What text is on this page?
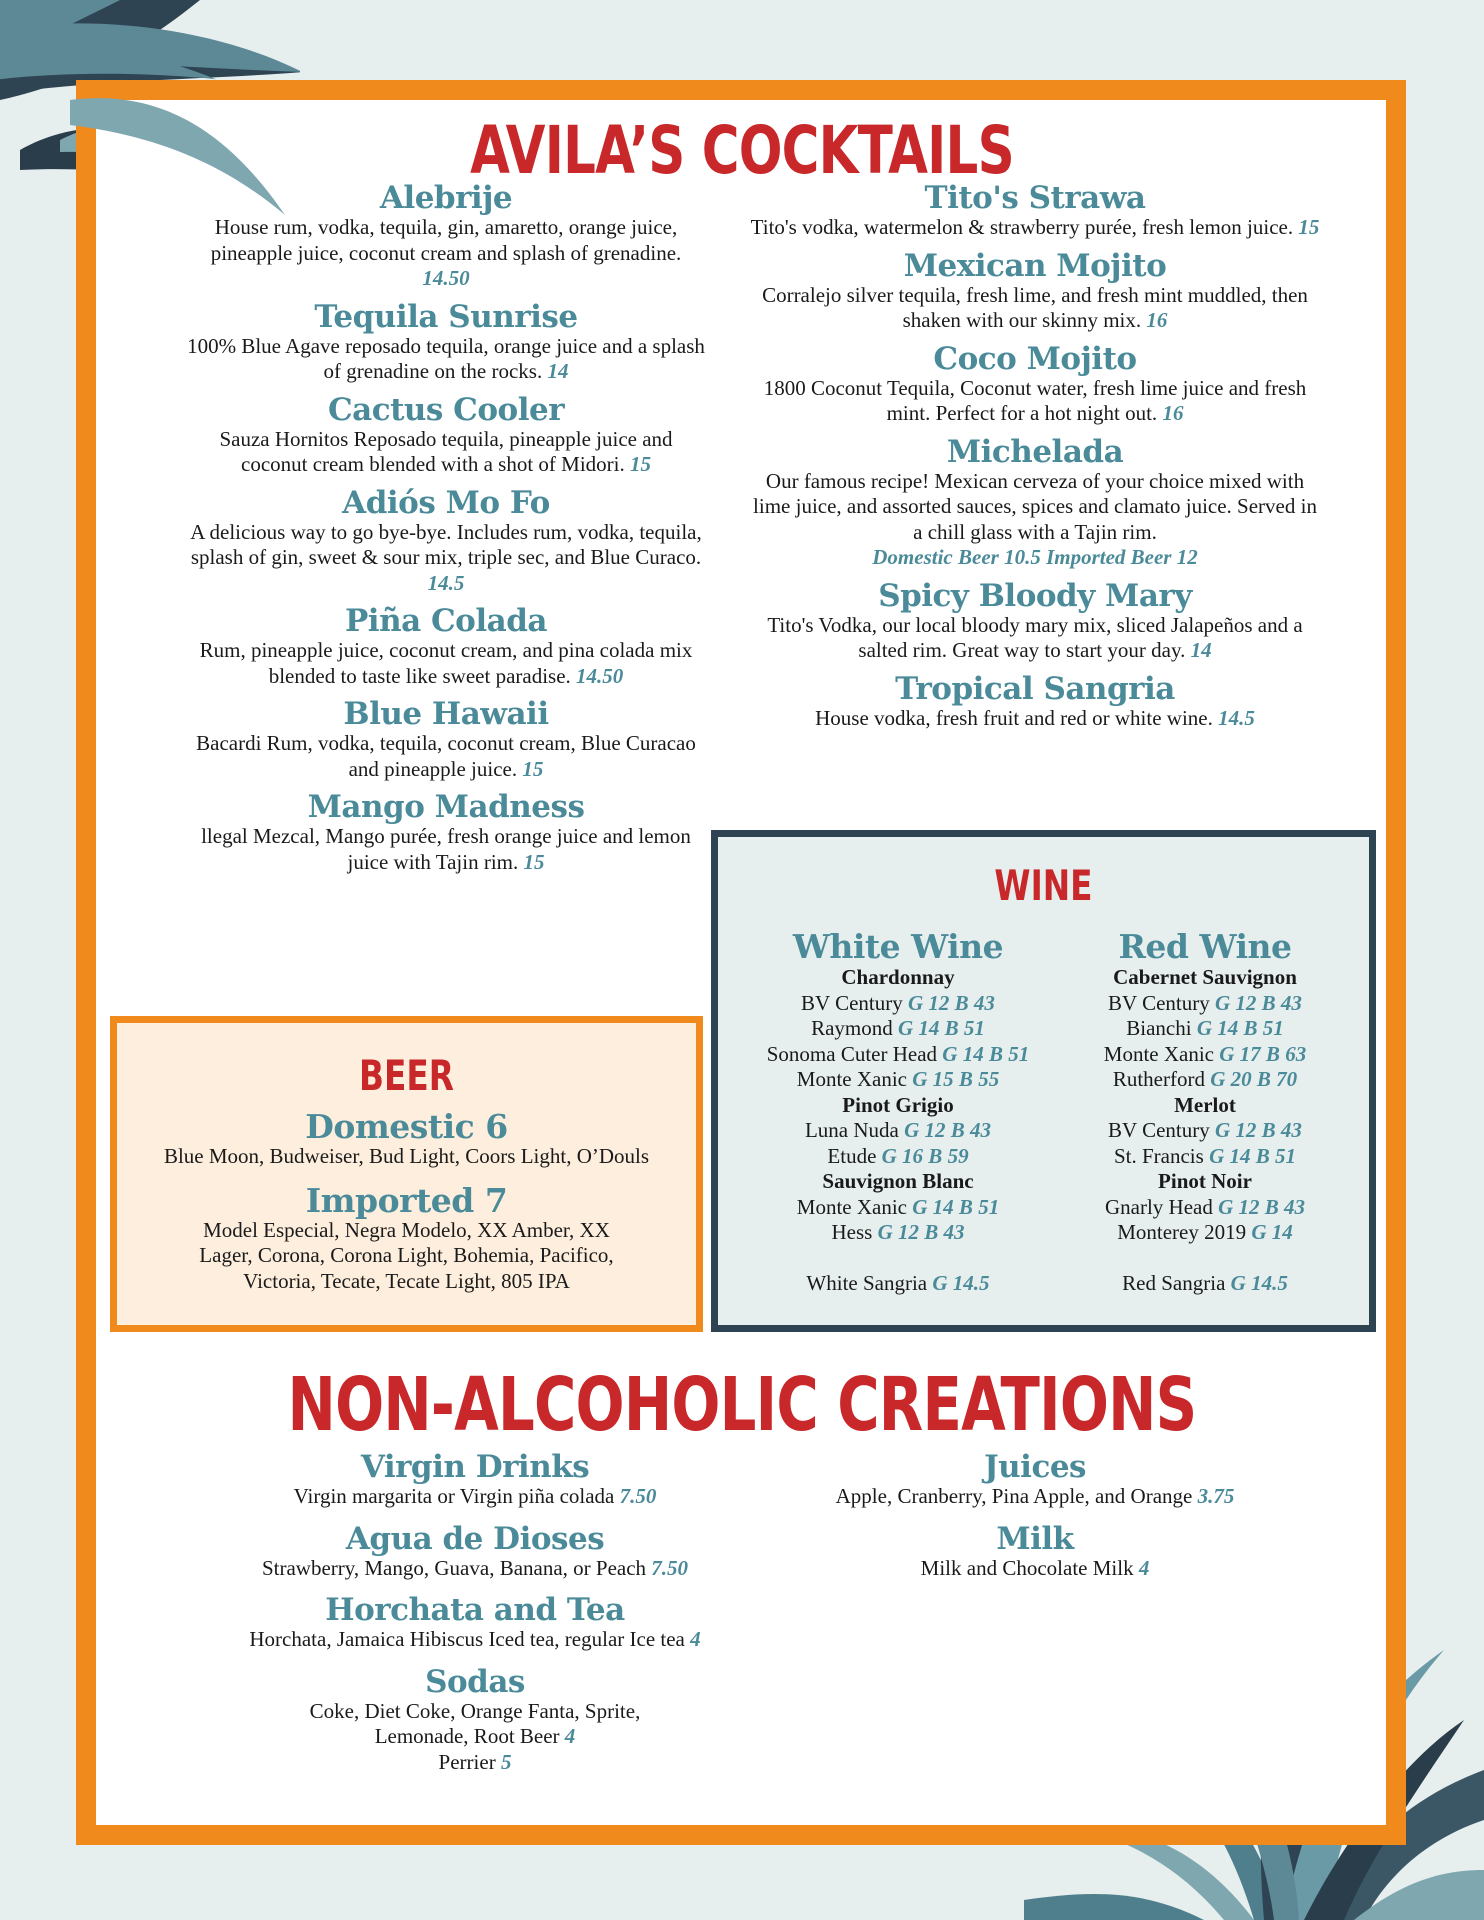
AVILA’S COCKTAILS
Alebrije
House rum, vodka, tequila, gin, amaretto, orange juice, pineapple juice, coconut cream and splash of grenadine. 14.50
Tequila Sunrise
100% Blue Agave reposado tequila, orange juice and a splash of grenadine on the rocks. 14
Cactus Cooler
Sauza Hornitos Reposado tequila, pineapple juice and coconut cream blended with a shot of Midori. 15
Adiós Mo Fo
A delicious way to go bye-bye. Includes rum, vodka, tequila, splash of gin, sweet & sour mix, triple sec, and Blue Curaco. 14.5
Piña Colada
Rum, pineapple juice, coconut cream, and pina colada mix blended to taste like sweet paradise. 14.50
Blue Hawaii
Bacardi Rum, vodka, tequila, coconut cream, Blue Curacao and pineapple juice. 15
Mango Madness
llegal Mezcal, Mango purée, fresh orange juice and lemon juice with Tajin rim. 15
Tito's Strawa
Tito's vodka, watermelon & strawberry purée, fresh lemon juice. 15
Mexican Mojito
Corralejo silver tequila, fresh lime, and fresh mint muddled, then shaken with our skinny mix. 16
Coco Mojito
1800 Coconut Tequila, Coconut water, fresh lime juice and fresh mint. Perfect for a hot night out. 16
Michelada
Our famous recipe! Mexican cerveza of your choice mixed with lime juice, and assorted sauces, spices and clamato juice. Served in a chill glass with a Tajin rim.
Domestic Beer 10.5 Imported Beer 12
Spicy Bloody Mary
Tito's Vodka, our local bloody mary mix, sliced Jalapeños and a salted rim. Great way to start your day. 14
Tropical Sangria
House vodka, fresh fruit and red or white wine. 14.5
BEER
Domestic 6
Blue Moon, Budweiser, Bud Light, Coors Light, O’Douls
Imported 7
Model Especial, Negra Modelo, XX Amber, XX Lager, Corona, Corona Light, Bohemia, Pacifico, Victoria, Tecate, Tecate Light, 805 IPA
WINE
White Wine
Chardonnay
BV Century G 12 B 43
Raymond G 14 B 51
Sonoma Cuter Head G 14 B 51
Monte Xanic G 15 B 55
Pinot Grigio
Luna Nuda G 12 B 43
Etude G 16 B 59
Sauvignon Blanc
Monte Xanic G 14 B 51
Hess G 12 B 43
White Sangria G 14.5
Red Wine
Cabernet Sauvignon
BV Century G 12 B 43
Bianchi G 14 B 51
Monte Xanic G 17 B 63
Rutherford G 20 B 70
Merlot
BV Century G 12 B 43
St. Francis G 14 B 51
Pinot Noir
Gnarly Head G 12 B 43
Monterey 2019 G 14
Red Sangria G 14.5
NON-ALCOHOLIC CREATIONS
Virgin Drinks
Virgin margarita or Virgin piña colada 7.50
Agua de Dioses
Strawberry, Mango, Guava, Banana, or Peach 7.50
Horchata and Tea
Horchata, Jamaica Hibiscus Iced tea, regular Ice tea 4
Sodas
Coke, Diet Coke, Orange Fanta, Sprite,
Lemonade, Root Beer 4
Perrier 5
Juices
Apple, Cranberry, Pina Apple, and Orange 3.75
Milk
Milk and Chocolate Milk 4
